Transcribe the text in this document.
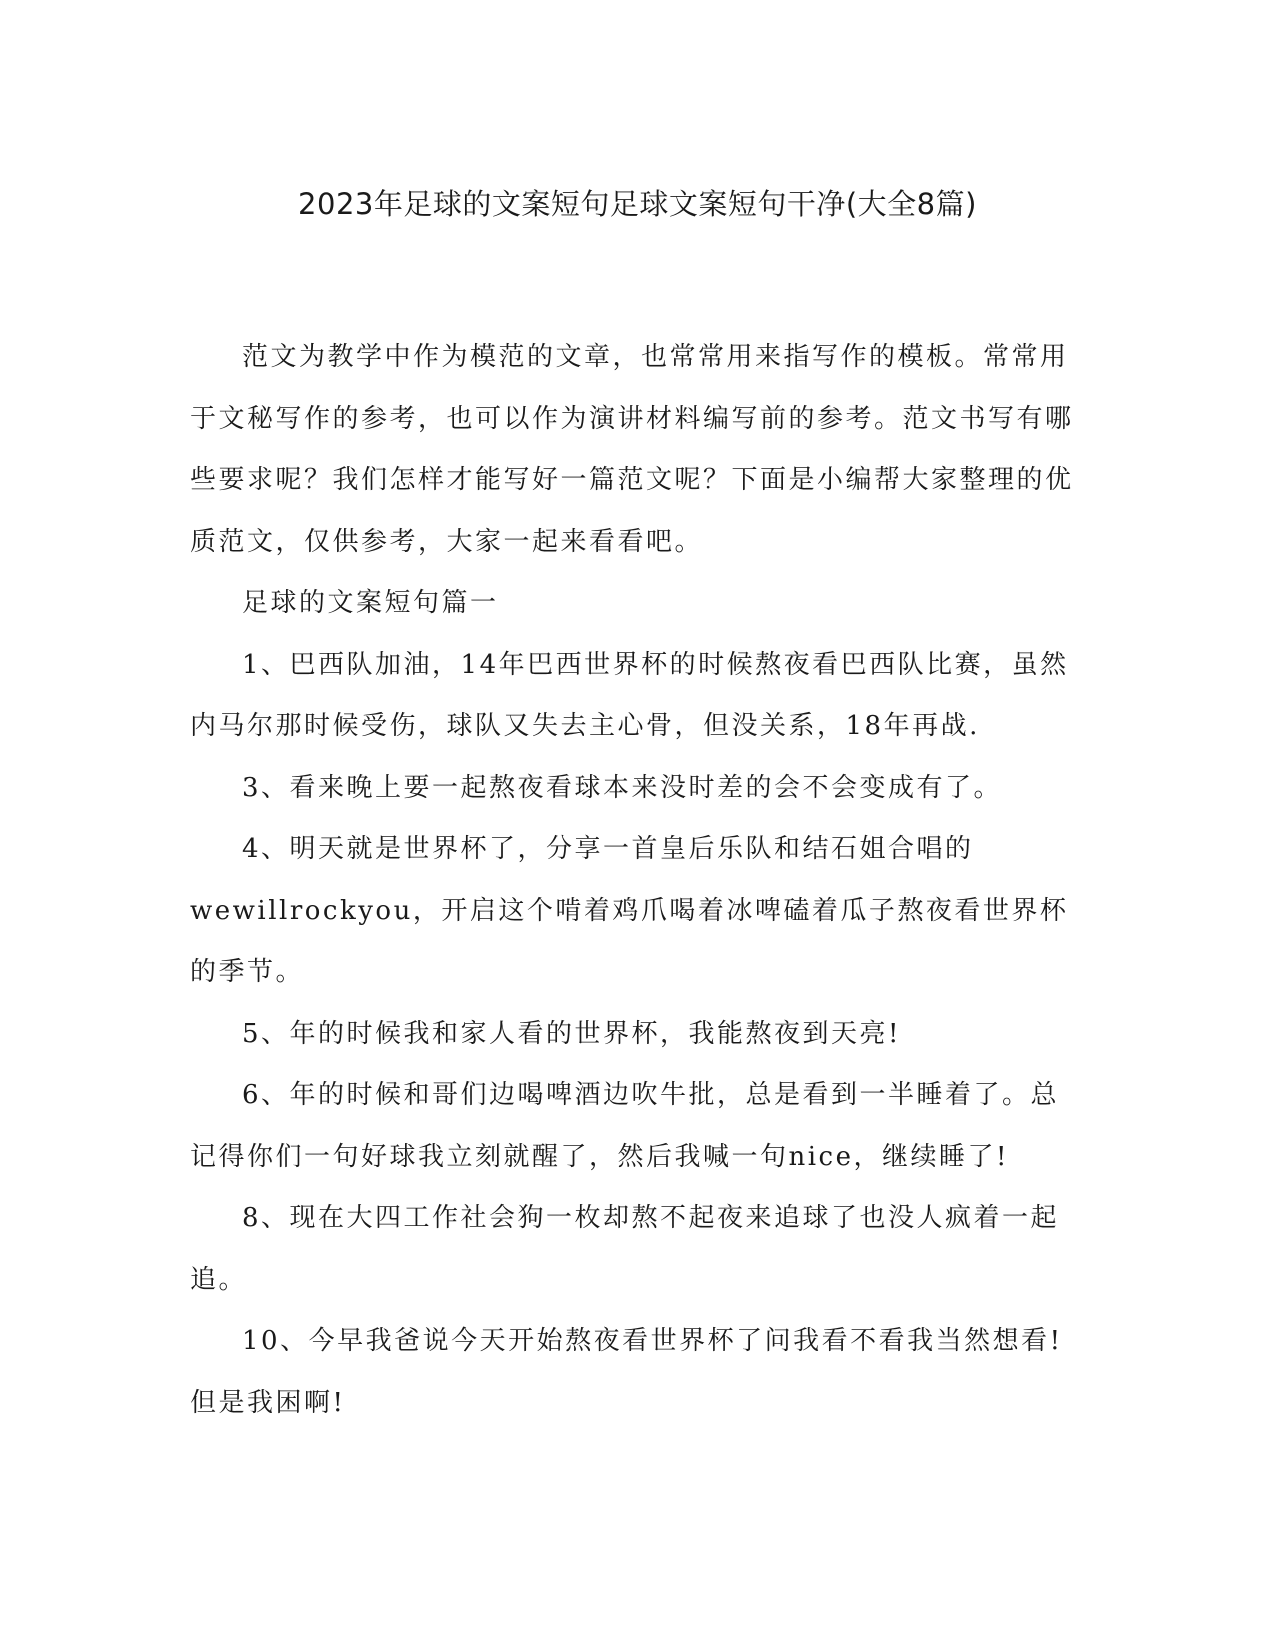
2023年足球的文案短句足球文案短句干净(大全8篇)

范文为教学中作为模范的文章，也常常用来指写作的模板。常常用于文秘写作的参考，也可以作为演讲材料编写前的参考。范文书写有哪些要求呢？我们怎样才能写好一篇范文呢？下面是小编帮大家整理的优质范文，仅供参考，大家一起来看看吧。

足球的文案短句篇一

1、巴西队加油，14年巴西世界杯的时候熬夜看巴西队比赛，虽然内马尔那时候受伤，球队又失去主心骨，但没关系，18年再战.

3、看来晚上要一起熬夜看球本来没时差的会不会变成有了。

4、明天就是世界杯了，分享一首皇后乐队和结石姐合唱的wewillrockyou，开启这个啃着鸡爪喝着冰啤磕着瓜子熬夜看世界杯的季节。

5、年的时候我和家人看的世界杯，我能熬夜到天亮!

6、年的时候和哥们边喝啤酒边吹牛批，总是看到一半睡着了。总记得你们一句好球我立刻就醒了，然后我喊一句nice，继续睡了!

8、现在大四工作社会狗一枚却熬不起夜来追球了也没人疯着一起追。

10、今早我爸说今天开始熬夜看世界杯了问我看不看我当然想看!但是我困啊!
